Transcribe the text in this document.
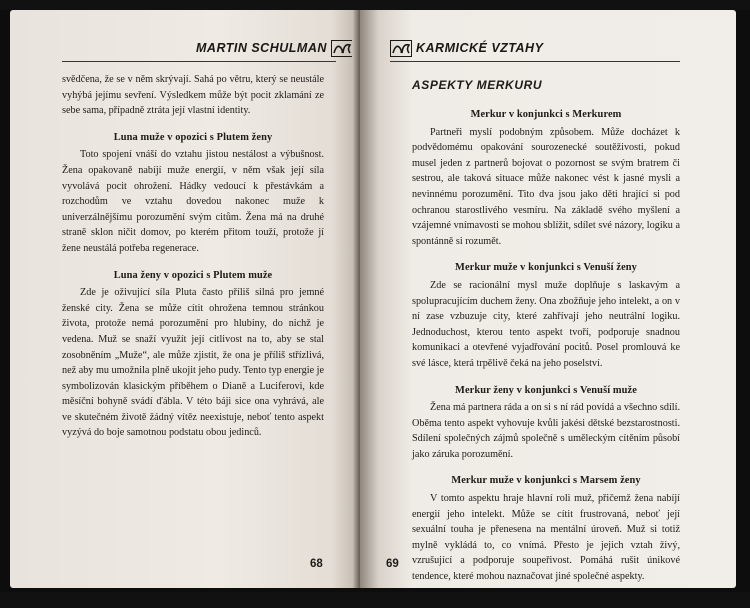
MARTIN SCHULMAN

svědčena, že se v něm skrývají. Sahá po větru, který se neustále vyhýbá jejímu sevření. Výsledkem může být pocit zklamání ze sebe sama, případně ztráta její vlastní identity.

Luna muže v opozici s Plutem ženy

Toto spojení vnáší do vztahu jistou nestálost a výbušnost. Žena opakovaně nabíjí muže energií, v něm však její síla vyvolává pocit ohrožení. Hádky vedoucí k přestávkám a rozchodům ve vztahu dovedou nakonec muže k univerzálnějšímu porozumění svým citům. Žena má na druhé straně sklon ničit domov, po kterém přitom touží, protože jí žene neustálá potřeba regenerace.

Luna ženy v opozici s Plutem muže

Zde je oživující síla Pluta často příliš silná pro jemné ženské city. Žena se může cítit ohrožena temnou stránkou života, protože nemá porozumění pro hlubiny, do nichž je vedena. Muž se snaží využít její citlivost na to, aby se stal zosobněním „Muže“, ale může zjistit, že ona je příliš střízlivá, než aby mu umožnila plně ukojit jeho pudy. Tento typ energie je symbolizován klasickým příběhem o Dianě a Luciferovi, kde měsíční bohyně svádí ďábla. V této báji sice ona vyhrává, ale ve skutečném životě žádný vítěz neexistuje, neboť tento aspekt vyzývá do boje samotnou podstatu obou jedinců.

68
KARMICKÉ VZTAHY
ASPEKTY MERKURU
Merkur v konjunkci s Merkurem

Partneři myslí podobným způsobem. Může docházet k podvědomému opakování sourozenecké soutěživosti, pokud musel jeden z partnerů bojovat o pozornost se svým bratrem či sestrou, ale taková situace může nakonec vést k jasné mysli a nevinnému porozumění. Tito dva jsou jako děti hrající si pod ochranou starostlivého vesmíru. Na základě svého myšlení a vzájemné vnímavosti se mohou sblížit, sdílet své názory, logiku a spontánně si rozumět.

Merkur muže v konjunkci s Venuší ženy

Zde se racionální mysl muže doplňuje s laskavým a spolupracujícím duchem ženy. Ona zbožňuje jeho intelekt, a on v ní zase vzbuzuje city, které zahřívají jeho neutrální logiku. Jednoduchost, kterou tento aspekt tvoří, podporuje snadnou komunikaci a otevřené vyjadřování pocitů. Posel promlouvá ke své lásce, která trpělivě čeká na jeho poselství.

Merkur ženy v konjunkci s Venuší muže

Žena má partnera ráda a on si s ní rád povídá a všechno sdílí. Oběma tento aspekt vyhovuje kvůli jakési dětské bezstarostnosti. Sdílení společných zájmů společně s uměleckým cítěním působí jako záruka porozumění.

Merkur muže v konjunkci s Marsem ženy

V tomto aspektu hraje hlavní roli muž, přičemž žena nabíjí energií jeho intelekt. Může se cítit frustrovaná, neboť její sexuální touha je přenesena na mentální úroveň. Muž si totiž mylně vykládá to, co vnímá. Přesto je jejich vztah živý, vzrušující a podporuje soupeřivost. Pomáhá rušit únikové tendence, které mohou naznačovat jiné společné aspekty.

69
